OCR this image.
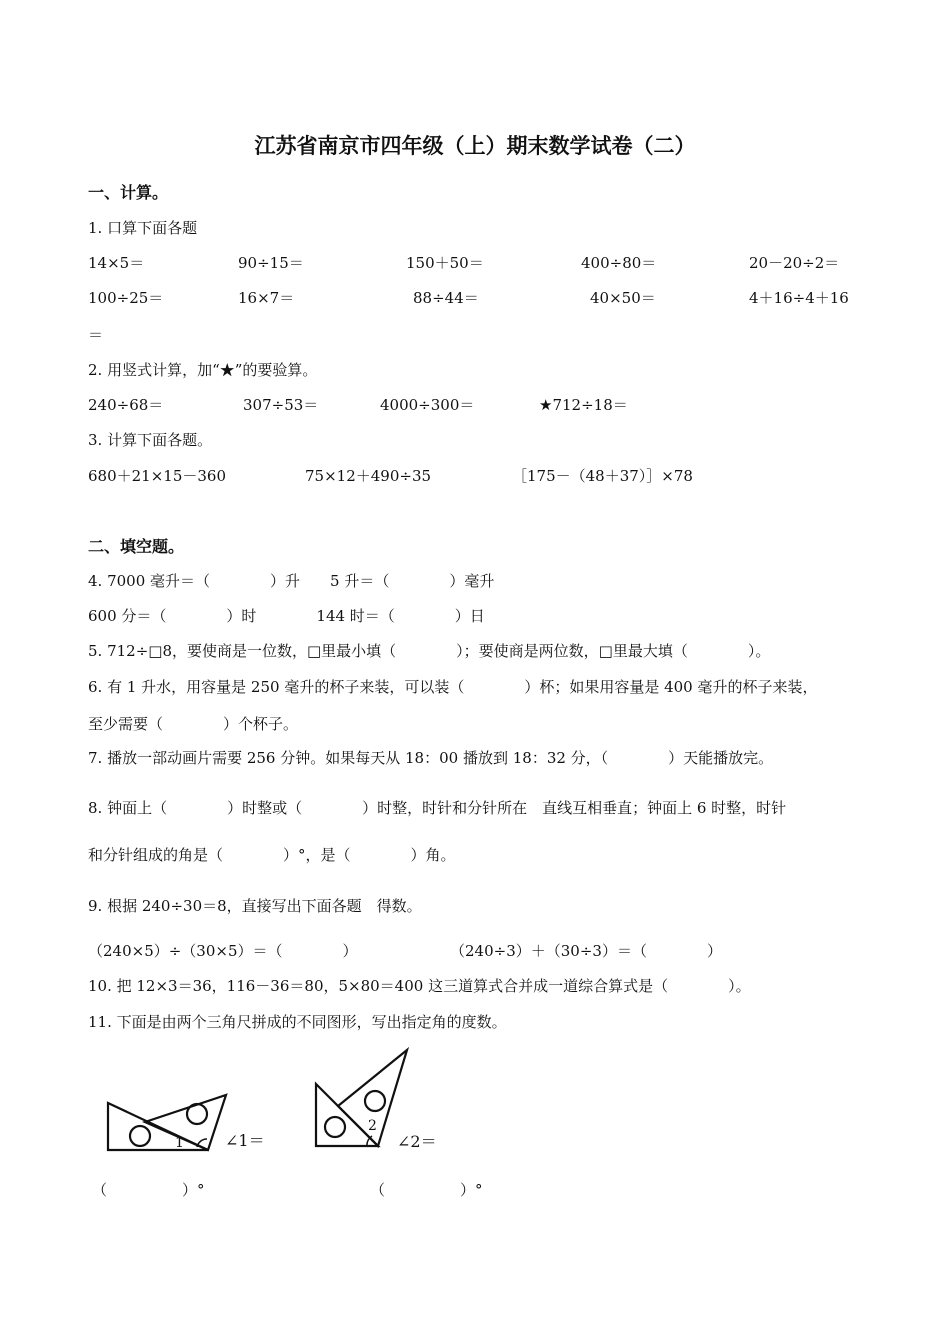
江苏省南京市四年级（上）期末数学试卷（二）
一、计算。
1. 口算下面各题
14×5＝	90÷15＝	150＋50＝	400÷80＝	20－20÷2＝
100÷25＝	16×7＝	88÷44＝	40×50＝	4＋16÷4＋16
＝
2. 用竖式计算，加“★”的要验算。
240÷68＝	307÷53＝	4000÷300＝	★712÷18＝
3. 计算下面各题。
680＋21×15－360	75×12＋490÷35	［175－（48＋37）］×78
二、填空题。
4. 7000 毫升＝（　　　　）升　　5 升＝（　　　　）毫升
600 分＝（　　　　）时　　　　144 时＝（　　　　）日
5. 712÷□8，要使商是一位数，□里最小填（　　　　）；要使商是两位数，□里最大填（　　　　）。
6. 有 1 升水，用容量是 250 毫升的杯子来装，可以装（　　　　）杯；如果用容量是 400 毫升的杯子来装，
至少需要（　　　　）个杯子。
7. 播放一部动画片需要 256 分钟。如果每天从 18：00 播放到 18：32 分，（　　　　）天能播放完。
8. 钟面上（　　　　）时整或（　　　　）时整，时针和分针所在　直线互相垂直；钟面上 6 时整，时针
和分针组成的角是（　　　　）°，是（　　　　）角。
9. 根据 240÷30＝8，直接写出下面各题　得数。
（240×5）÷（30×5）＝（　　　　）	（240÷3）＋（30÷3）＝（　　　　）
10. 把 12×3＝36，116－36＝80，5×80＝400 这三道算式合并成一道综合算式是（　　　　）。
11. 下面是由两个三角尺拼成的不同图形，写出指定角的度数。
1	∠1＝
2
∠2＝
（　　　　　）°	（　　　　　）°
